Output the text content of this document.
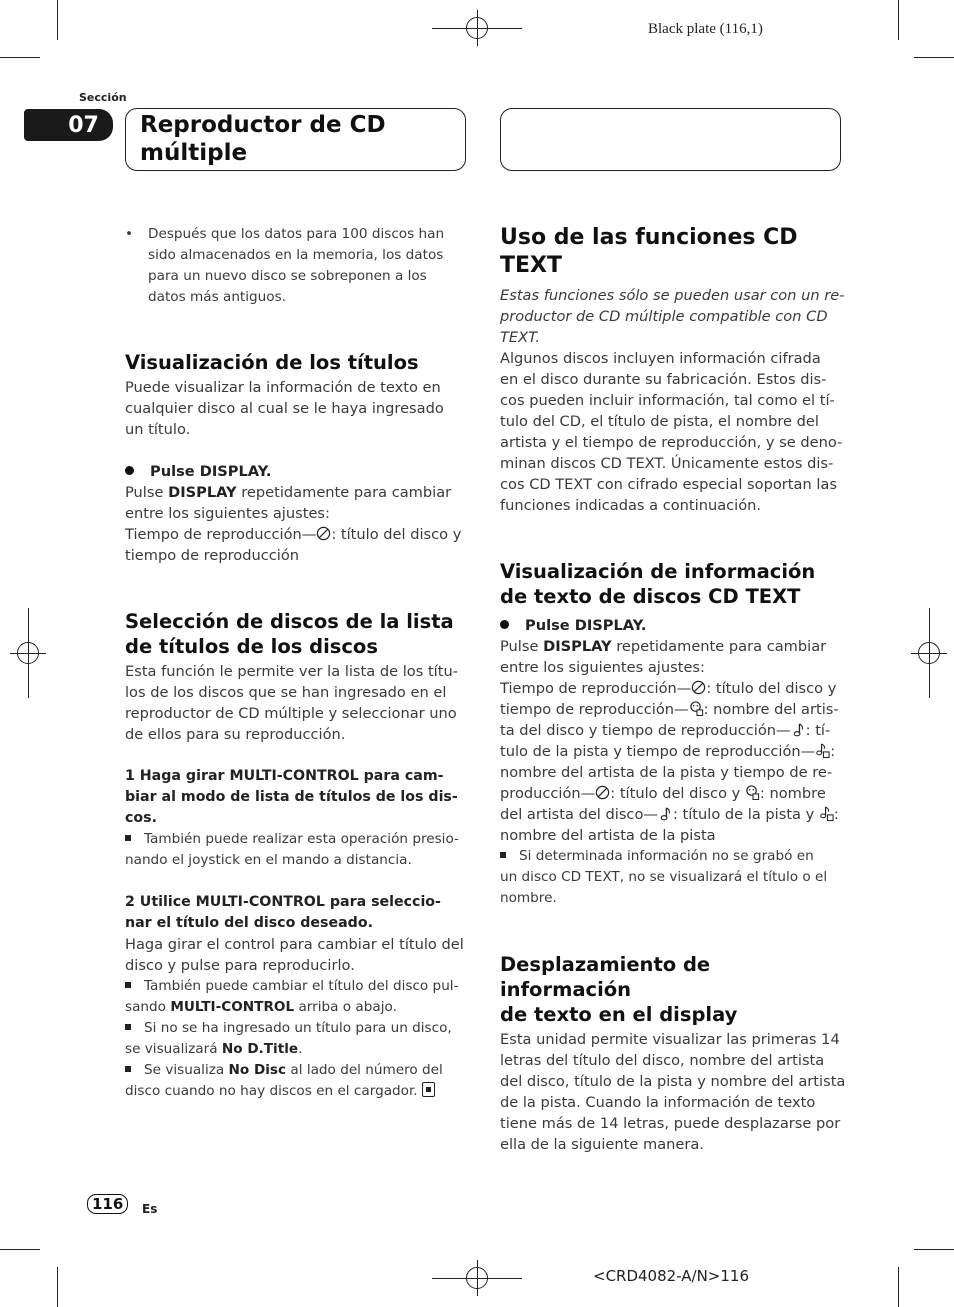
Black plate (116,1)
Sección
07 Reproductor de CD
múltiple
• Después que los datos para 100 discos han
sido almacenados en la memoria, los datos
para un nuevo disco se sobreponen a los
datos más antiguos.
Visualización de los títulos
Puede visualizar la información de texto en
cualquier disco al cual se le haya ingresado
un título.
Pulse DISPLAY.
Pulse DISPLAY repetidamente para cambiar
entre los siguientes ajustes:
Tiempo de reproducción— : título del disco y
tiempo de reproducción
Selección de discos de la lista
de títulos de los discos
Esta función le permite ver la lista de los títu-
los de los discos que se han ingresado en el
reproductor de CD múltiple y seleccionar uno
de ellos para su reproducción.
1 Haga girar MULTI-CONTROL para cam-
biar al modo de lista de títulos de los dis-
cos.
También puede realizar esta operación presio-
nando el joystick en el mando a distancia.
2 Utilice MULTI-CONTROL para seleccio-
nar el título del disco deseado.
Haga girar el control para cambiar el título del
disco y pulse para reproducirlo.
También puede cambiar el título del disco pul-
sando MULTI-CONTROL arriba o abajo.
Si no se ha ingresado un título para un disco,
se visualizará No D.Title.
Se visualiza No Disc al lado del número del
disco cuando no hay discos en el cargador.
Uso de las funciones CD TEXT
Estas funciones sólo se pueden usar con un re-
productor de CD múltiple compatible con CD
TEXT.
Algunos discos incluyen información cifrada
en el disco durante su fabricación. Estos dis-
cos pueden incluir información, tal como el tí-
tulo del CD, el título de pista, el nombre del
artista y el tiempo de reproducción, y se deno-
minan discos CD TEXT. Únicamente estos dis-
cos CD TEXT con cifrado especial soportan las
funciones indicadas a continuación.
Visualización de información
de texto de discos CD TEXT
Pulse DISPLAY.
Pulse DISPLAY repetidamente para cambiar
entre los siguientes ajustes:
Tiempo de reproducción— : título del disco y
tiempo de reproducción— : nombre del artis-
ta del disco y tiempo de reproducción— : tí-
tulo de la pista y tiempo de reproducción— :
nombre del artista de la pista y tiempo de re-
producción— : título del disco y : nombre
del artista del disco— : título de la pista y :
nombre del artista de la pista
Si determinada información no se grabó en
un disco CD TEXT, no se visualizará el título o el
nombre.
Desplazamiento de información
de texto en el display
Esta unidad permite visualizar las primeras 14
letras del título del disco, nombre del artista
del disco, título de la pista y nombre del artista
de la pista. Cuando la información de texto
tiene más de 14 letras, puede desplazarse por
ella de la siguiente manera.
116	Es
<CRD4082-A/N>116
